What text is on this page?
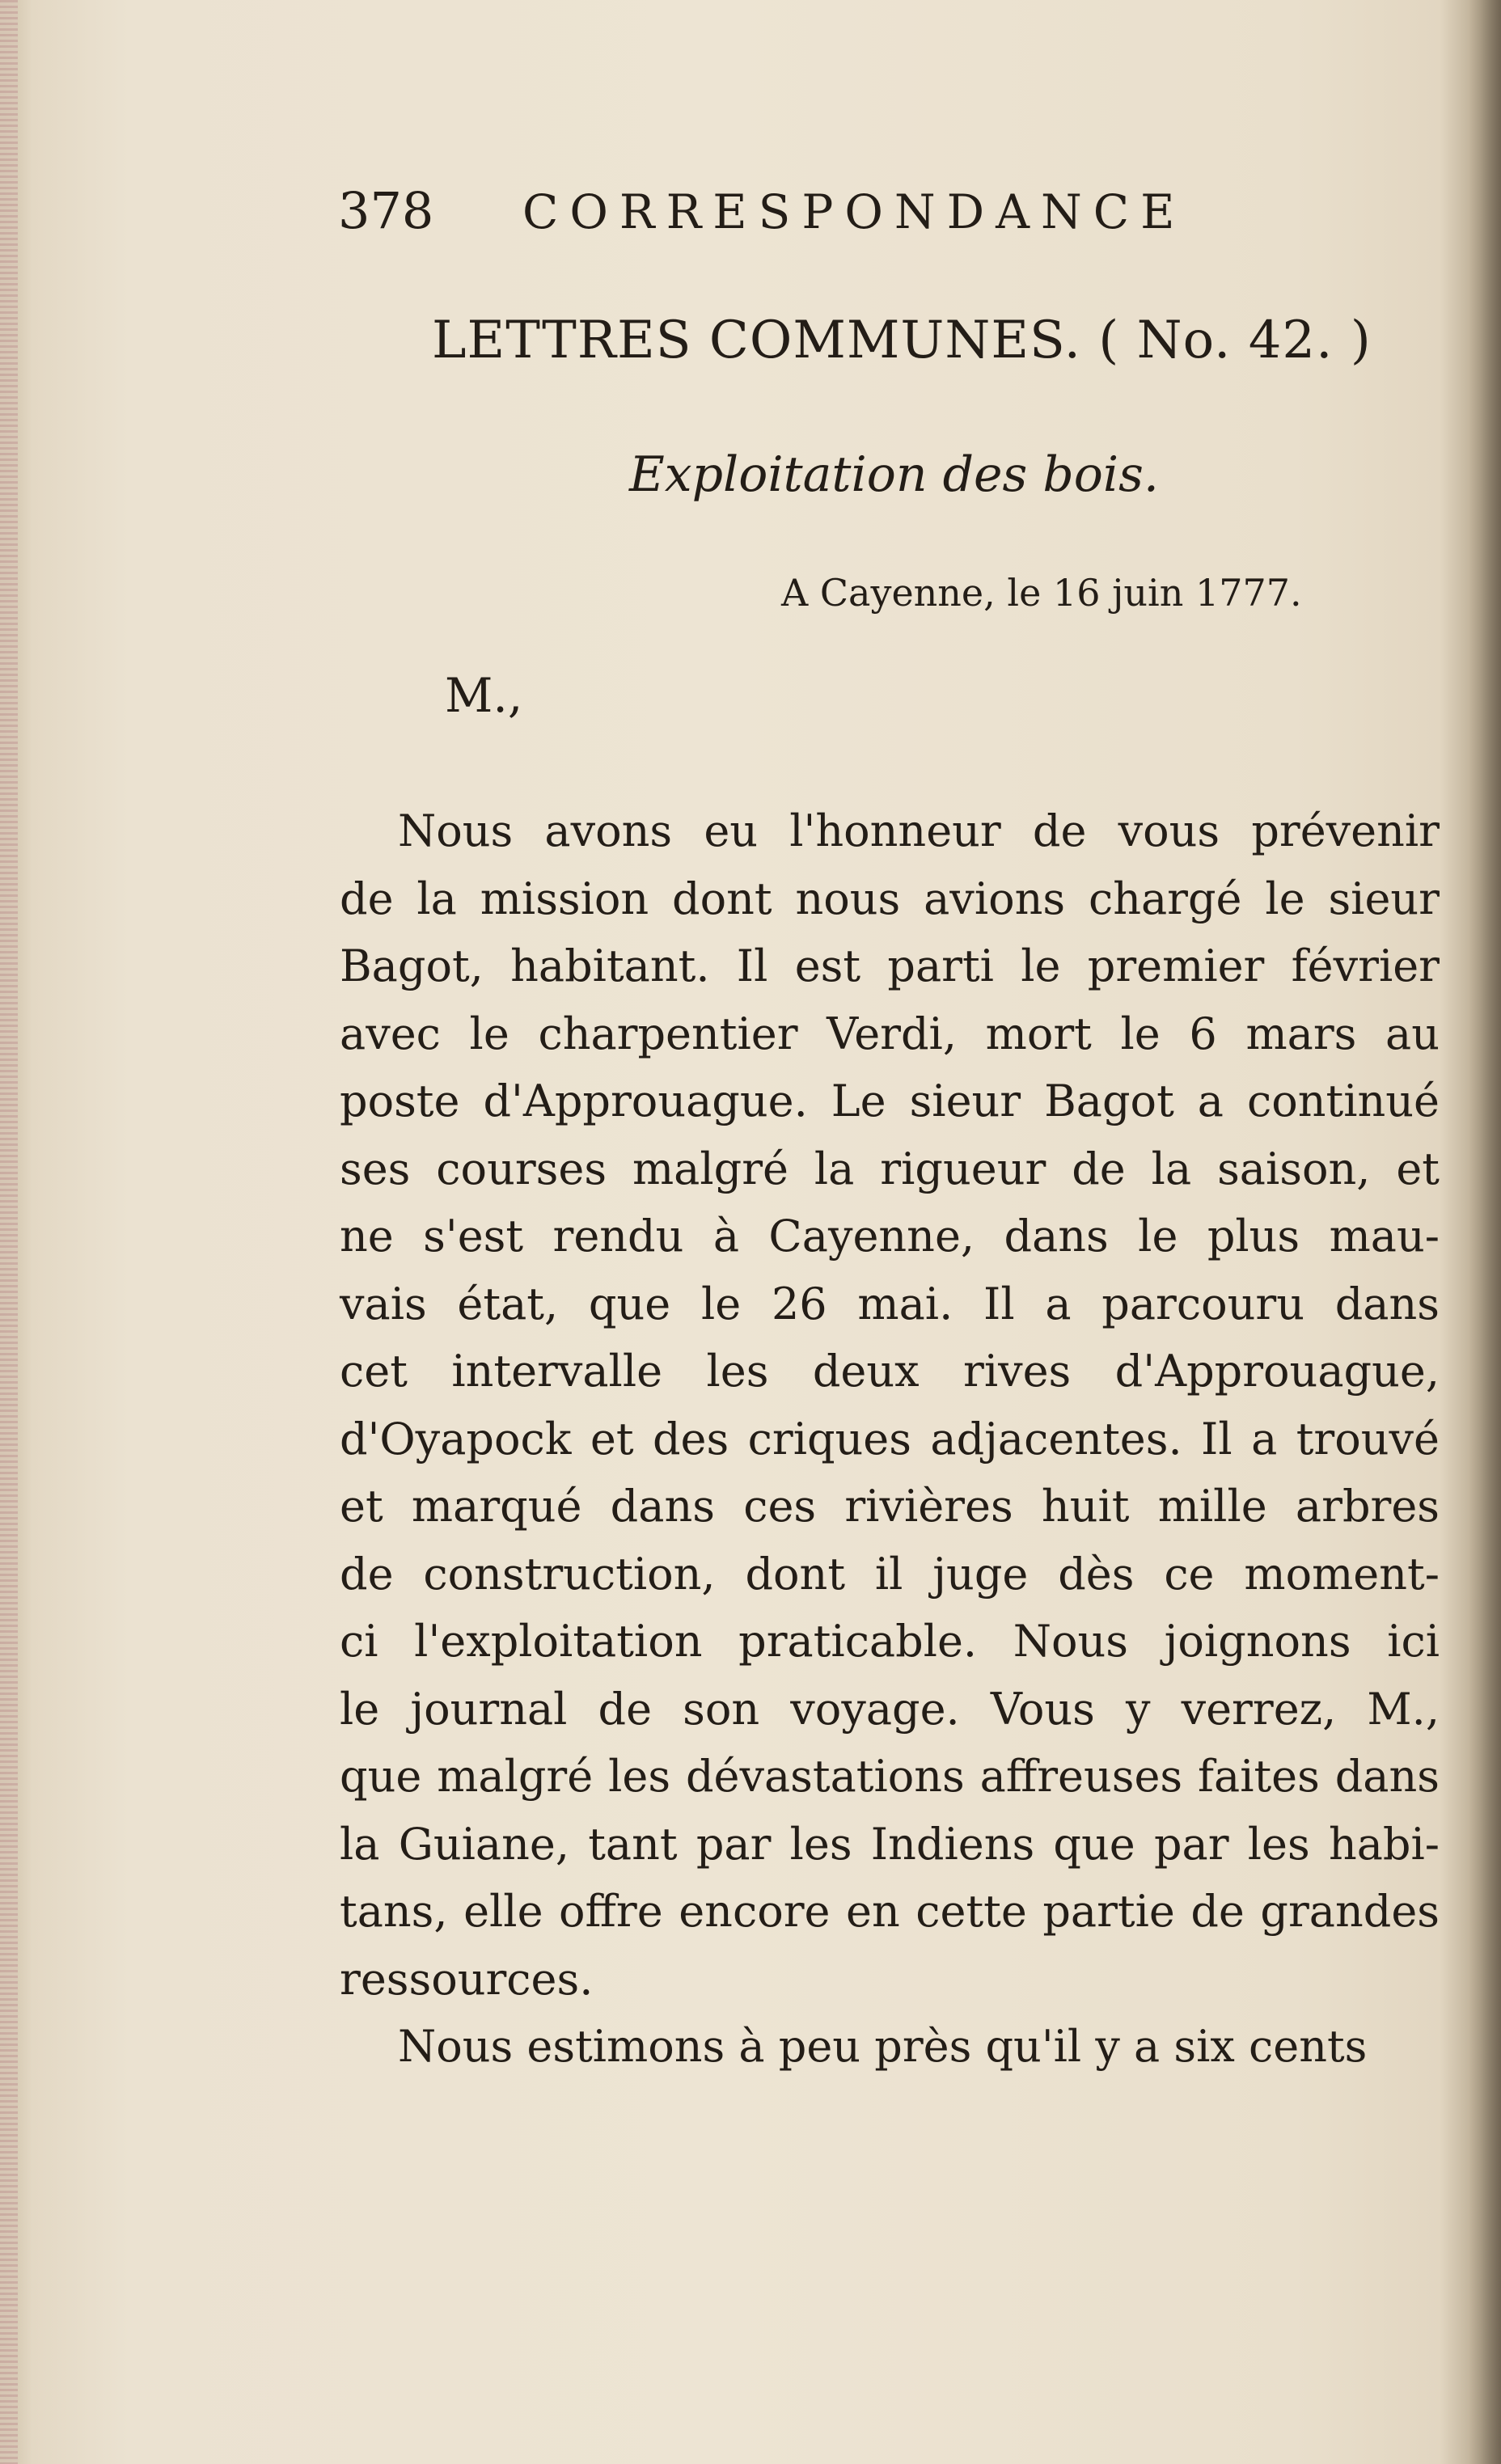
378 CORRESPONDANCE
LETTRES COMMUNES. ( No. 42. )
Exploitation des bois.
A Cayenne, le 16 juin 1777.
M.,
Nous avons eu l'honneur de vous prévenir
de la mission dont nous avions chargé le sieur
Bagot, habitant. Il est parti le premier février
avec le charpentier Verdi, mort le 6 mars au
poste d'Approuague. Le sieur Bagot a continué
ses courses malgré la rigueur de la saison, et
ne s'est rendu à Cayenne, dans le plus mau-
vais état, que le 26 mai. Il a parcouru dans
cet intervalle les deux rives d'Approuague,
d'Oyapock et des criques adjacentes. Il a trouvé
et marqué dans ces rivières huit mille arbres
de construction, dont il juge dès ce moment-
ci l'exploitation praticable. Nous joignons ici
le journal de son voyage. Vous y verrez, M.,
que malgré les dévastations affreuses faites dans
la Guiane, tant par les Indiens que par les habi-
tans, elle offre encore en cette partie de grandes
ressources.
Nous estimons à peu près qu'il y a six cents
